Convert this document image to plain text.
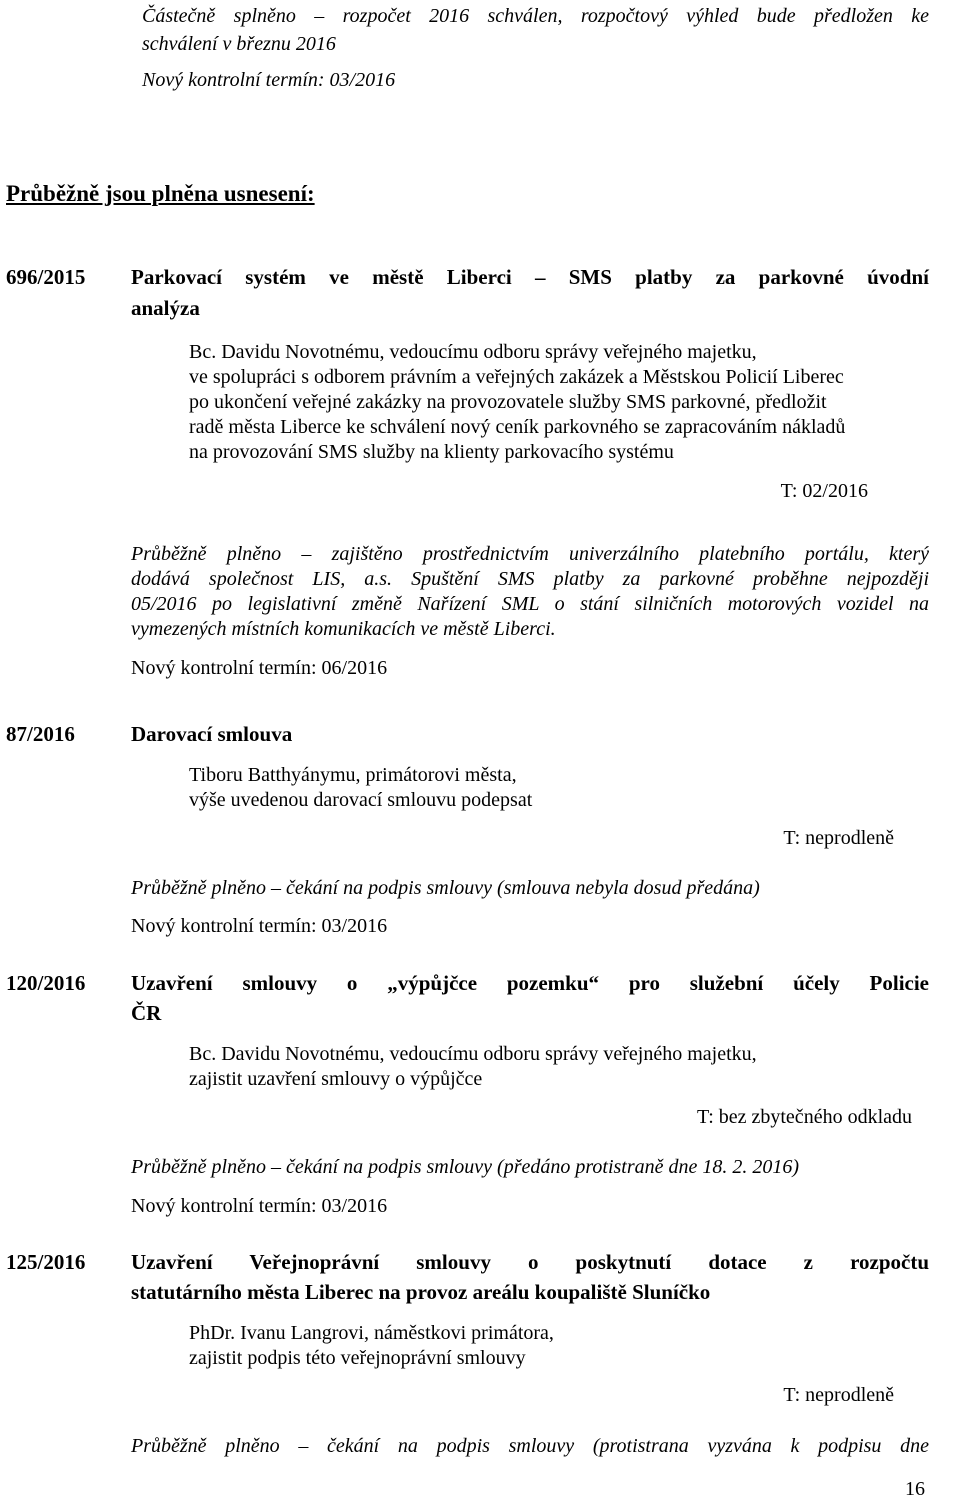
Částečně splněno – rozpočet 2016 schválen, rozpočtový výhled bude předložen ke
schválení v březnu 2016
Nový kontrolní termín: 03/2016
Průběžně jsou plněna usnesení:
696/2015 Parkovací systém ve městě Liberci – SMS platby za parkovné úvodní
analýza
Bc. Davidu Novotnému, vedoucímu odboru správy veřejného majetku,
ve spolupráci s odborem právním a veřejných zakázek a Městskou Policií Liberec
po ukončení veřejné zakázky na provozovatele služby SMS parkovné, předložit
radě města Liberce ke schválení nový ceník parkovného se zapracováním nákladů
na provozování SMS služby na klienty parkovacího systému
T: 02/2016
Průběžně plněno – zajištěno prostřednictvím univerzálního platebního portálu, který
dodává společnost LIS, a.s. Spuštění SMS platby za parkovné proběhne nejpozději
05/2016 po legislativní změně Nařízení SML o stání silničních motorových vozidel na
vymezených místních komunikacích ve městě Liberci.
Nový kontrolní termín: 06/2016
87/2016	Darovací smlouva
Tiboru Batthyánymu, primátorovi města,
výše uvedenou darovací smlouvu podepsat
T: neprodleně
Průběžně plněno – čekání na podpis smlouvy (smlouva nebyla dosud předána)
Nový kontrolní termín: 03/2016
120/2016 Uzavření smlouvy o „výpůjčce pozemku“ pro služební účely Policie
ČR
Bc. Davidu Novotnému, vedoucímu odboru správy veřejného majetku,
zajistit uzavření smlouvy o výpůjčce
T: bez zbytečného odkladu
Průběžně plněno – čekání na podpis smlouvy (předáno protistraně dne 18. 2. 2016)
Nový kontrolní termín: 03/2016
125/2016 Uzavření Veřejnoprávní smlouvy o poskytnutí dotace z rozpočtu
statutárního města Liberec na provoz areálu koupaliště Sluníčko
PhDr. Ivanu Langrovi, náměstkovi primátora,
zajistit podpis této veřejnoprávní smlouvy
T: neprodleně
Průběžně plněno – čekání na podpis smlouvy (protistrana vyzvána k podpisu dne
16
